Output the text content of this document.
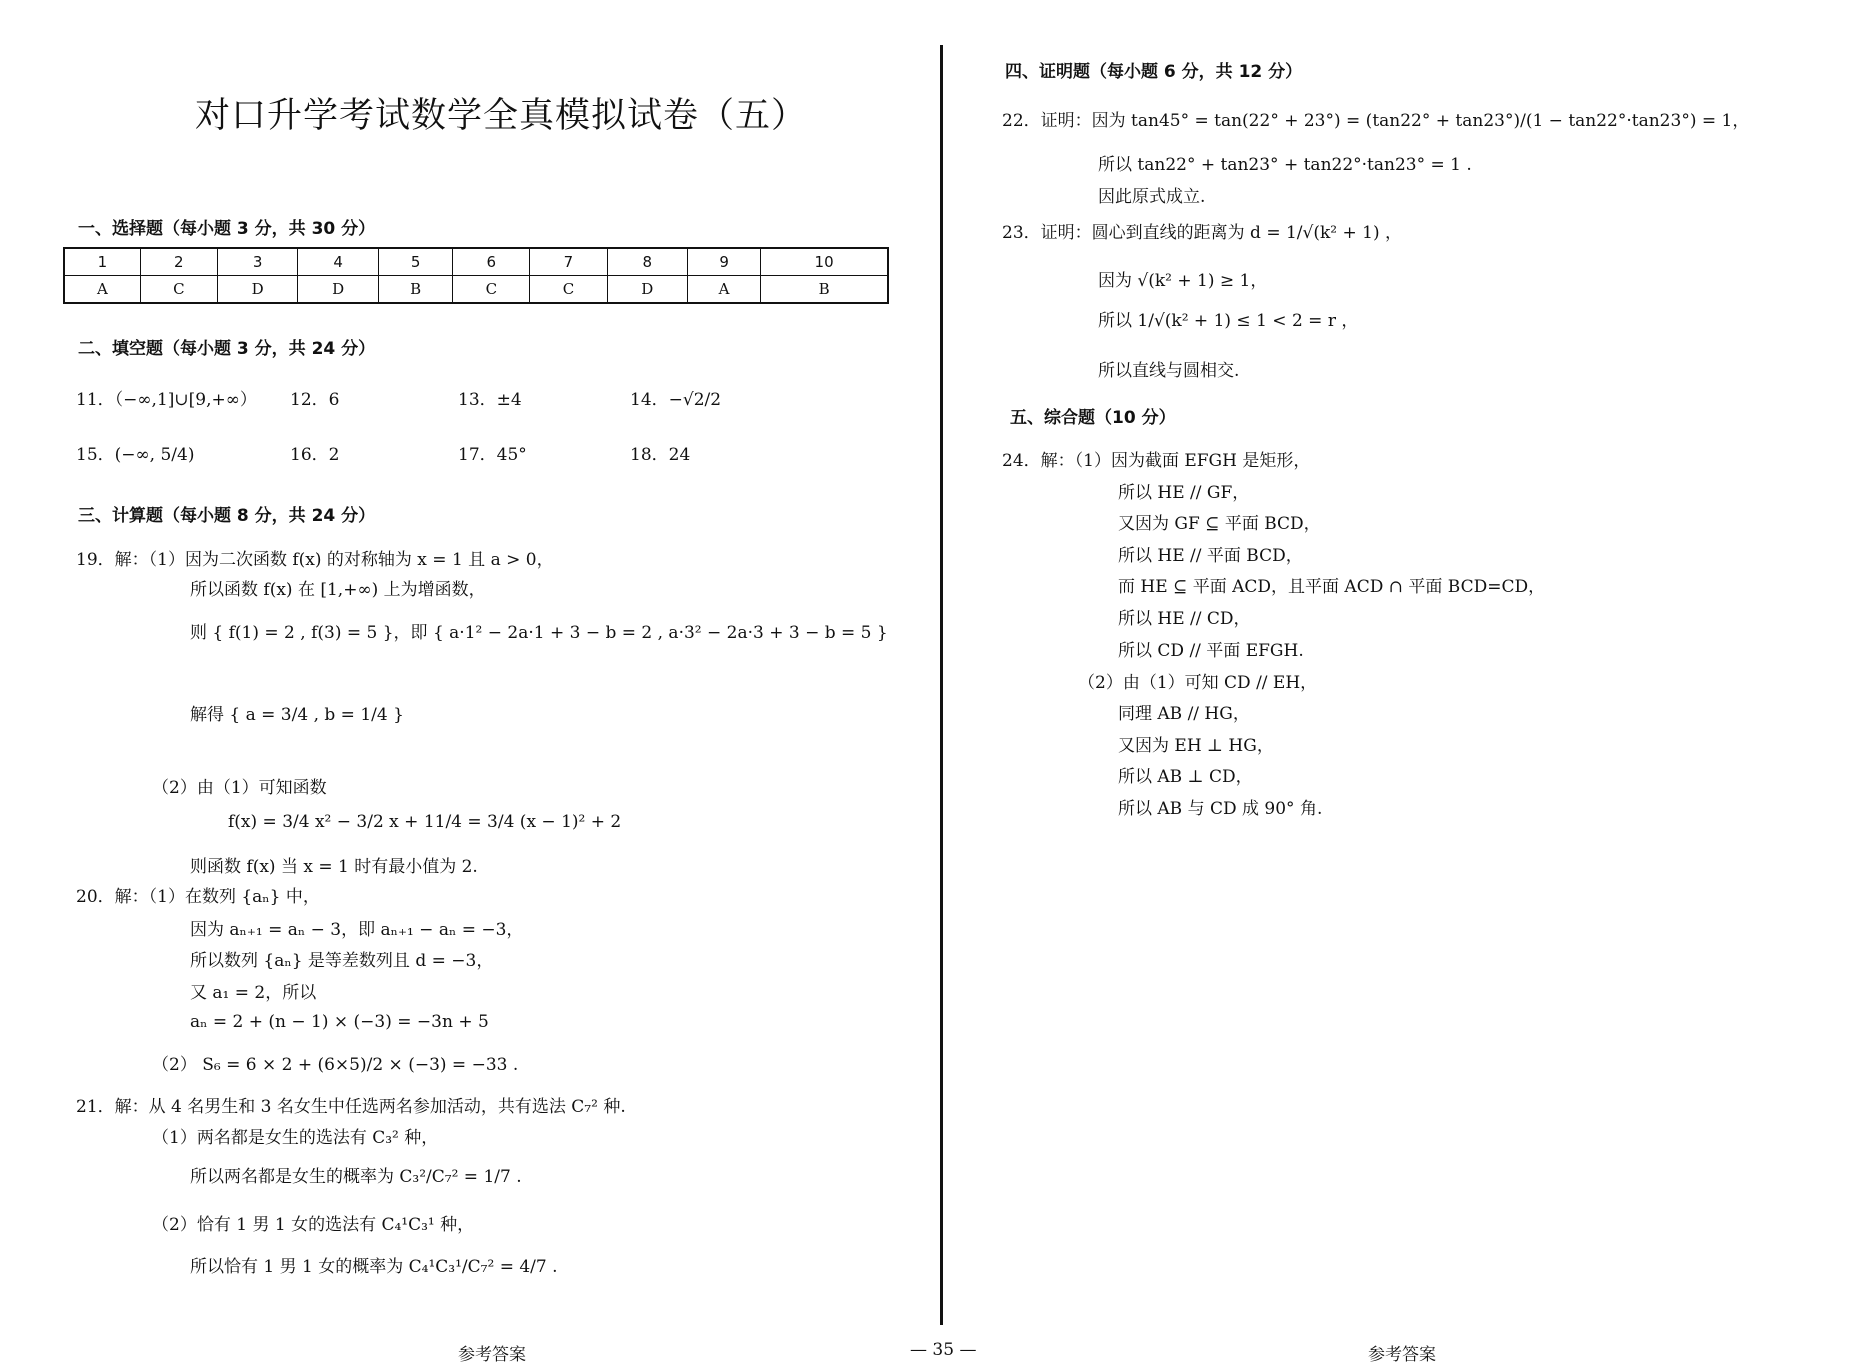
对口升学考试数学全真模拟试卷（五）
一、选择题（每小题 3 分，共 30 分）
1	2	3	4	5	6	7	8	9	10
A	C	D	D	B	C	C	D	A	B
二、填空题（每小题 3 分，共 24 分）
11．（−∞,1]∪[9,+∞） 12．6	13．±4	14．−√2/2
15．(−∞, 5/4)	16．2	17．45°	18．24
三、计算题（每小题 8 分，共 24 分）
19．解：（1）因为二次函数 f(x) 的对称轴为 x = 1 且 a > 0，
所以函数 f(x) 在 [1,+∞) 上为增函数，
则 { f(1) = 2 , f(3) = 5 }，即 { a·1² − 2a·1 + 3 − b = 2 , a·3² − 2a·3 + 3 − b = 5 }
解得 { a = 3/4 , b = 1/4 }
（2）由（1）可知函数
f(x) = 3/4 x² − 3/2 x + 11/4 = 3/4 (x − 1)² + 2
则函数 f(x) 当 x = 1 时有最小值为 2.
20．解：（1）在数列 {aₙ} 中，
因为 aₙ₊₁ = aₙ − 3，即 aₙ₊₁ − aₙ = −3，
所以数列 {aₙ} 是等差数列且 d = −3，
又 a₁ = 2，所以
aₙ = 2 + (n − 1) × (−3) = −3n + 5
（2） S₆ = 6 × 2 + (6×5)/2 × (−3) = −33 .
21．解：从 4 名男生和 3 名女生中任选两名参加活动，共有选法 C₇² 种.
（1）两名都是女生的选法有 C₃² 种，
所以两名都是女生的概率为 C₃²/C₇² = 1/7 .
（2）恰有 1 男 1 女的选法有 C₄¹C₃¹ 种，
所以恰有 1 男 1 女的概率为 C₄¹C₃¹/C₇² = 4/7 .
四、证明题（每小题 6 分，共 12 分）
22．证明：因为 tan45° = tan(22° + 23°) = (tan22° + tan23°)/(1 − tan22°·tan23°) = 1，
所以 tan22° + tan23° + tan22°·tan23° = 1 .
因此原式成立.
23．证明：圆心到直线的距离为 d = 1/√(k² + 1) ，
因为 √(k² + 1) ≥ 1，
所以 1/√(k² + 1) ≤ 1 < 2 = r ，
所以直线与圆相交.
五、综合题（10 分）
24．解：（1）因为截面 EFGH 是矩形，
所以 HE // GF，
又因为 GF ⊆ 平面 BCD，
所以 HE // 平面 BCD，
而 HE ⊆ 平面 ACD，且平面 ACD ∩ 平面 BCD=CD，
所以 HE // CD，
所以 CD // 平面 EFGH.
（2）由（1）可知 CD // EH，
同理 AB // HG，
又因为 EH ⊥ HG，
所以 AB ⊥ CD，
所以 AB 与 CD 成 90° 角.
参考答案	— 35 —	参考答案
